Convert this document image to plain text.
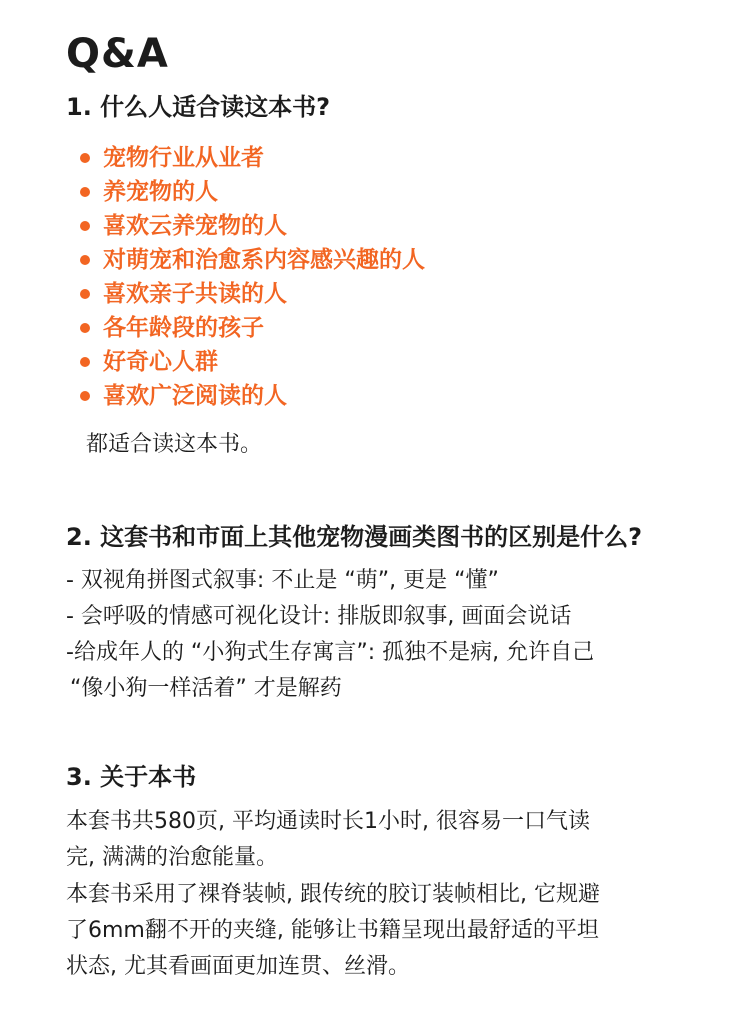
Q&A
1. 什么人适合读这本书?
宠物行业从业者
养宠物的人
喜欢云养宠物的人
对萌宠和治愈系内容感兴趣的人
喜欢亲子共读的人
各年龄段的孩子
好奇心人群
喜欢广泛阅读的人
都适合读这本书。
2. 这套书和市面上其他宠物漫画类图书的区别是什么?
- 双视角拼图式叙事: 不止是 “萌”, 更是 “懂”
- 会呼吸的情感可视化设计: 排版即叙事, 画面会说话
-给成年人的 “小狗式生存寓言”: 孤独不是病, 允许自己
“像小狗一样活着” 才是解药
3. 关于本书

本套书共580页, 平均通读时长1小时, 很容易一口气读
完, 满满的治愈能量。

本套书采用了裸脊装帧, 跟传统的胶订装帧相比, 它规避
了6mm翻不开的夹缝, 能够让书籍呈现出最舒适的平坦
状态, 尤其看画面更加连贯、丝滑。
